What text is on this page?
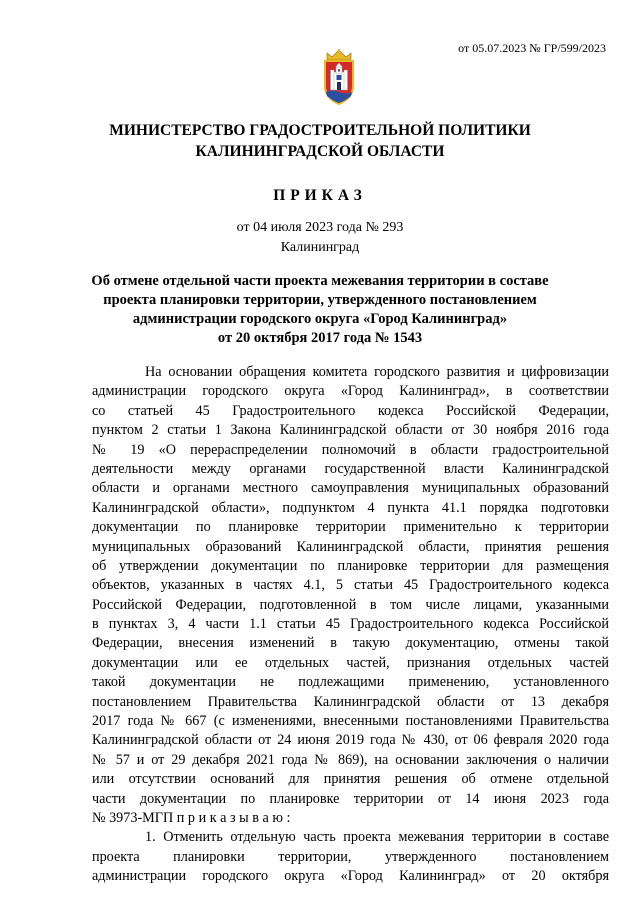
от 05.07.2023 № ГР/599/2023
МИНИСТЕРСТВО ГРАДОСТРОИТЕЛЬНОЙ ПОЛИТИКИ
КАЛИНИНГРАДСКОЙ ОБЛАСТИ
ПРИКАЗ
от 04 июля 2023 года № 293
Калининград
Об отмене отдельной части проекта межевания территории в составе
проекта планировки территории, утвержденного постановлением
администрации городского округа «Город Калининград»
от 20 октября 2017 года № 1543
На основании обращения комитета городского развития и цифровизации
администрации городского округа «Город Калининград», в соответствии
со статьей 45 Градостроительного кодекса Российской Федерации,
пунктом 2 статьи 1 Закона Калининградской области от 30 ноября 2016 года
№ 19 «О перераспределении полномочий в области градостроительной
деятельности между органами государственной власти Калининградской
области и органами местного самоуправления муниципальных образований
Калининградской области», подпунктом 4 пункта 41.1 порядка подготовки
документации по планировке территории применительно к территории
муниципальных образований Калининградской области, принятия решения
об утверждении документации по планировке территории для размещения
объектов, указанных в частях 4.1, 5 статьи 45 Градостроительного кодекса
Российской Федерации, подготовленной в том числе лицами, указанными
в пунктах 3, 4 части 1.1 статьи 45 Градостроительного кодекса Российской
Федерации, внесения изменений в такую документацию, отмены такой
документации или ее отдельных частей, признания отдельных частей
такой документации не подлежащими применению, установленного
постановлением Правительства Калининградской области от 13 декабря
2017 года № 667 (с изменениями, внесенными постановлениями Правительства
Калининградской области от 24 июня 2019 года № 430, от 06 февраля 2020 года
№ 57 и от 29 декабря 2021 года № 869), на основании заключения о наличии
или отсутствии оснований для принятия решения об отмене отдельной
части документации по планировке территории от 14 июня 2023 года
№ 3973-МГП п р и к а з ы в а ю :
1. Отменить отдельную часть проекта межевания территории в составе
проекта планировки территории, утвержденного постановлением
администрации городского округа «Город Калининград» от 20 октября
